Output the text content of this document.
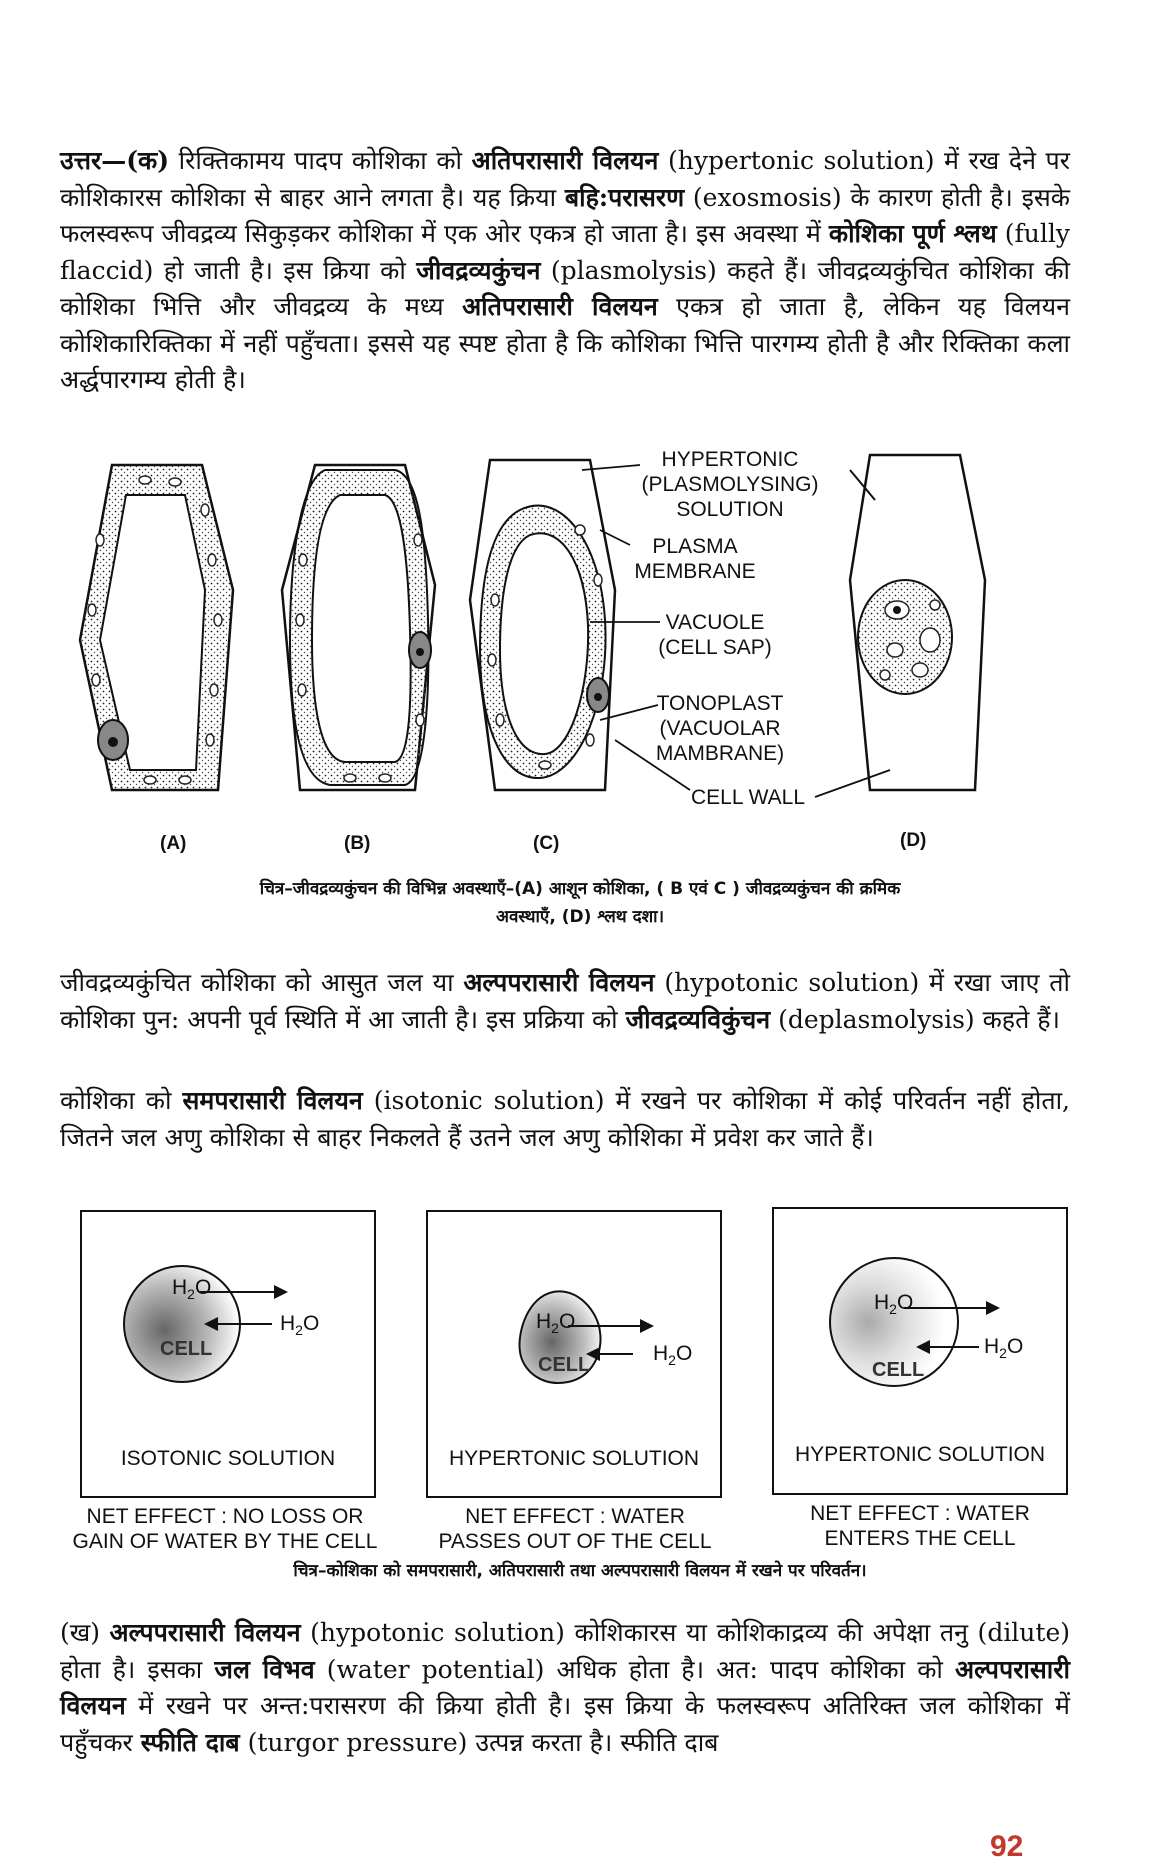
उत्तर—(क) रिक्तिकामय पादप कोशिका को अतिपरासारी विलयन (hypertonic solution) में रख देने पर कोशिकारस कोशिका से बाहर आने लगता है। यह क्रिया बहि:परासरण (exosmosis) के कारण होती है। इसके फलस्वरूप जीवद्रव्य सिकुड़कर कोशिका में एक ओर एकत्र हो जाता है। इस अवस्था में कोशिका पूर्ण श्लथ (fully flaccid) हो जाती है। इस क्रिया को जीवद्रव्यकुंचन (plasmolysis) कहते हैं। जीवद्रव्यकुंचित कोशिका की कोशिका भित्ति और जीवद्रव्य के मध्य अतिपरासारी विलयन एकत्र हो जाता है, लेकिन यह विलयन कोशिकारिक्तिका में नहीं पहुँचता। इससे यह स्पष्ट होता है कि कोशिका भित्ति पारगम्य होती है और रिक्तिका कला अर्द्धपारगम्य होती है।
HYPERTONIC
(PLASMOLYSING)
SOLUTION
PLASMA
MEMBRANE
VACUOLE
(CELL SAP)
TONOPLAST
(VACUOLAR
MAMBRANE)
CELL WALL
(A)	(B)	(C)	(D)
चित्र–जीवद्रव्यकुंचन की विभिन्न अवस्थाएँ–(A) आशून कोशिका, ( B एवं C ) जीवद्रव्यकुंचन की क्रमिक
अवस्थाएँ, (D) श्लथ दशा।
जीवद्रव्यकुंचित कोशिका को आसुत जल या अल्पपरासारी विलयन (hypotonic solution) में रखा जाए तो कोशिका पुन: अपनी पूर्व स्थिति में आ जाती है। इस प्रक्रिया को जीवद्रव्यविकुंचन (deplasmolysis) कहते हैं।
कोशिका को समपरासारी विलयन (isotonic solution) में रखने पर कोशिका में कोई परिवर्तन नहीं होता, जितने जल अणु कोशिका से बाहर निकलते हैं उतने जल अणु कोशिका में प्रवेश कर जाते हैं।
$H_2O$
$H_2O$
CELL
ISOTONIC SOLUTION
$H_2O$
$H_2O$
CELL
HYPERTONIC SOLUTION
$H_2O$
$H_2O$
CELL
HYPERTONIC SOLUTION
NET EFFECT : NO LOSS OR
GAIN OF WATER BY THE CELL
NET EFFECT : WATER
PASSES OUT OF THE CELL
NET EFFECT : WATER
ENTERS THE CELL
चित्र–कोशिका को समपरासारी, अतिपरासारी तथा अल्पपरासारी विलयन में रखने पर परिवर्तन।
(ख) अल्पपरासारी विलयन (hypotonic solution) कोशिकारस या कोशिकाद्रव्य की अपेक्षा तनु (dilute) होता है। इसका जल विभव (water potential) अधिक होता है। अत: पादप कोशिका को अल्पपरासारी विलयन में रखने पर अन्त:परासरण की क्रिया होती है। इस क्रिया के फलस्वरूप अतिरिक्त जल कोशिका में पहुँचकर स्फीति दाब (turgor pressure) उत्पन्न करता है। स्फीति दाब
92
